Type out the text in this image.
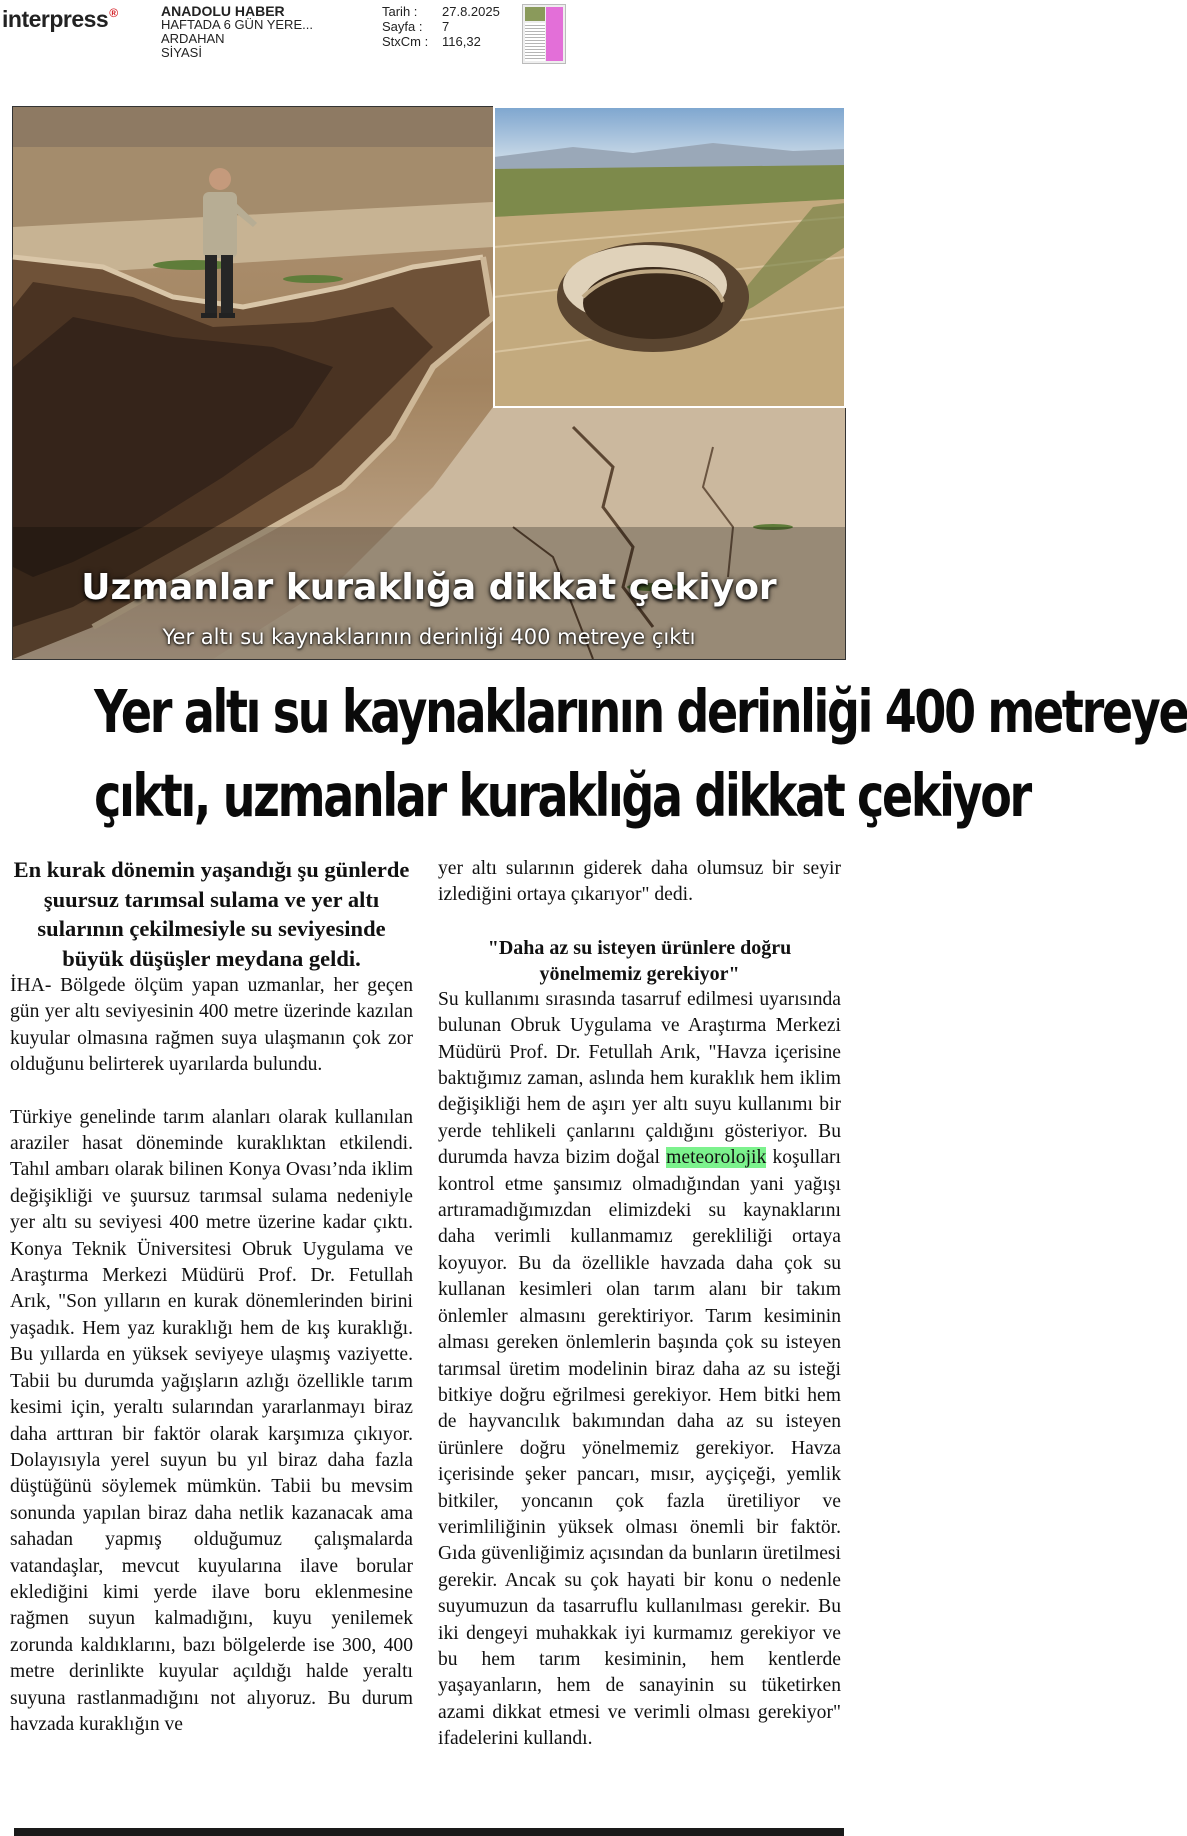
interpress®	ANADOLU HABER
HAFTADA 6 GÜN YERE...
ARDAHAN
SİYASİ
Tarih :	27.8.2025
Sayfa :	7
StxCm :	116,32
Uzmanlar kuraklığa dikkat çekiyor
Yer altı su kaynaklarının derinliği 400 metreye çıktı
Yer altı su kaynaklarının derinliği 400 metreye
çıktı, uzmanlar kuraklığa dikkat çekiyor

En kurak dönemin yaşandığı şu günlerde şuursuz tarımsal sulama ve yer altı sularının çekilmesiyle su seviyesinde büyük düşüşler meydana geldi.

İHA- Bölgede ölçüm yapan uzmanlar, her geçen gün yer altı seviyesinin 400 metre üzerinde kazılan kuyular olmasına rağmen suya ulaşmanın çok zor olduğunu belirterek uyarılarda bulundu.

Türkiye genelinde tarım alanları olarak kullanılan araziler hasat döneminde kuraklıktan etkilendi. Tahıl ambarı olarak bilinen Konya Ovası’nda iklim değişikliği ve şuursuz tarımsal sulama nedeniyle yer altı su seviyesi 400 metre üzerine kadar çıktı. Konya Teknik Üniversitesi Obruk Uygulama ve Araştırma Merkezi Müdürü Prof. Dr. Fetullah Arık, "Son yılların en kurak dönemlerinden birini yaşadık. Hem yaz kuraklığı hem de kış kuraklığı. Bu yıllarda en yüksek seviyeye ulaşmış vaziyette. Tabii bu durumda yağışların azlığı özellikle tarım kesimi için, yeraltı sularından yararlanmayı biraz daha arttıran bir faktör olarak karşımıza çıkıyor. Dolayısıyla yerel suyun bu yıl biraz daha fazla düştüğünü söylemek mümkün. Tabii bu mevsim sonunda yapılan biraz daha netlik kazanacak ama sahadan yapmış olduğumuz çalışmalarda vatandaşlar, mevcut kuyularına ilave borular eklediğini kimi yerde ilave boru eklenmesine rağmen suyun kalmadığını, kuyu yenilemek zorunda kaldıklarını, bazı bölgelerde ise 300, 400 metre derinlikte kuyular açıldığı halde yeraltı suyuna rastlanmadığını not alıyoruz. Bu durum havzada kuraklığın ve

yer altı sularının giderek daha olumsuz bir seyir izlediğini ortaya çıkarıyor" dedi.

"Daha az su isteyen ürünlere doğru yönelmemiz gerekiyor"

Su kullanımı sırasında tasarruf edilmesi uyarısında bulunan Obruk Uygulama ve Araştırma Merkezi Müdürü Prof. Dr. Fetullah Arık, "Havza içerisine baktığımız zaman, aslında hem kuraklık hem iklim değişikliği hem de aşırı yer altı suyu kullanımı bir yerde tehlikeli çanlarını çaldığını gösteriyor. Bu durumda havza bizim doğal meteorolojik koşulları kontrol etme şansımız olmadığından yani yağışı artıramadığımızdan elimizdeki su kaynaklarını daha verimli kullanmamız gerekliliği ortaya koyuyor. Bu da özellikle havzada daha çok su kullanan kesimleri olan tarım alanı bir takım önlemler almasını gerektiriyor. Tarım kesiminin alması gereken önlemlerin başında çok su isteyen tarımsal üretim modelinin biraz daha az su isteği bitkiye doğru eğrilmesi gerekiyor. Hem bitki hem de hayvancılık bakımından daha az su isteyen ürünlere doğru yönelmemiz gerekiyor. Havza içerisinde şeker pancarı, mısır, ayçiçeği, yemlik bitkiler, yoncanın çok fazla üretiliyor ve verimliliğinin yüksek olması önemli bir faktör. Gıda güvenliğimiz açısından da bunların üretilmesi gerekir. Ancak su çok hayati bir konu o nedenle suyumuzun da tasarruflu kullanılması gerekir. Bu iki dengeyi muhakkak iyi kurmamız gerekiyor ve bu hem tarım kesiminin, hem kentlerde yaşayanların, hem de sanayinin su tüketirken azami dikkat etmesi ve verimli olması gerekiyor" ifadelerini kullandı.
